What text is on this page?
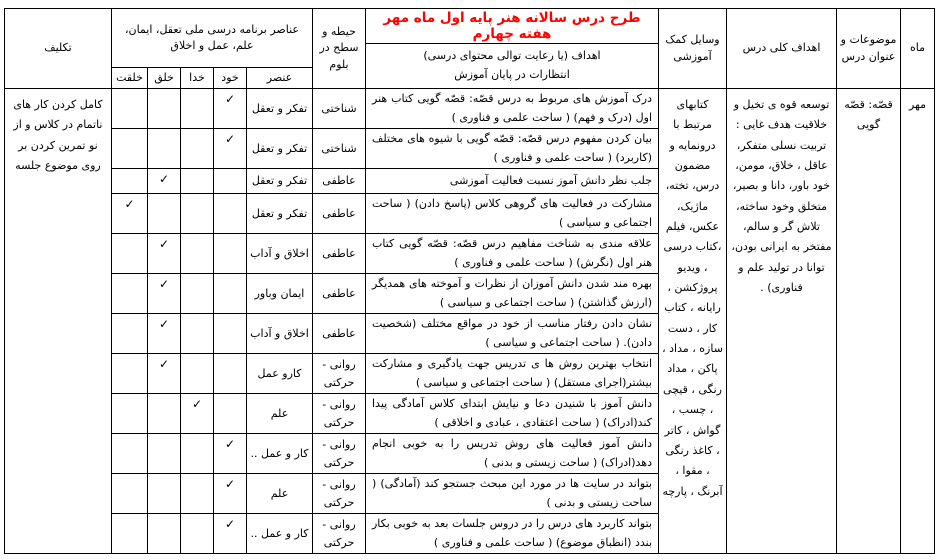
ماه	موضوعات و عنوان درس	اهداف کلی درس	وسایل کمک آموزشی	طرح درس سالانه هنر پایه اول ماه مهر هفته چهارم	حیطه و سطح در بلوم	عناصر برنامه درسی ملی تعقل، ایمان، علم، عمل و اخلاق					تکلیف

				اهداف (یا رعایت توالی محتوای درسی)
انتظارات در پایان آموزش							

						عنصر	خود	خدا	خلق	خلقت	
مهر	قصّه: قصّه گویی	توسعه قوه ی تخیل و خلاقیت هدف غایی : تربیت نسلی متفکر، عاقل ، خلاق، مومن، خود باور، دانا و بصیر، متخلق وخود ساخته، تلاش گر و سالم، مفتخر به ایرانی بودن، توانا در تولید علم و فناوری) .	کتابهای مرتبط با درونمایه و مضمون درس، تخته، ماژیک، عکس، فیلم ،کتاب درسی ، ویدیو پروژکشن ، رایانه ، کتاب کار ، دست سازه ، مداد ، پاکن ، مداد رنگی ، قیچی ، چسب ، گواش ، کاتر ، کاغذ رنگی ، مقوا ، آبرنگ ، پارچه	درک آموزش های مربوط به درس قصّه: قصّه گویی کتاب هنر اول (درک و فهم) ( ساحت علمی و فناوری )	شناختی	تفکر و تعقل	✓				کامل کردن کار های ناتمام در کلاس و از نو تمرین کردن بر روی موضوع جلسه
				بیان کردن مفهوم درس قصّه: قصّه گویی با شیوه های مختلف (کاربرد) ( ساحت علمی و فناوری )	شناختی	تفکر و تعقل	✓				
				جلب نظر دانش آموز نسبت فعالیت آموزشی	عاطفی	تفکر و تعقل			✓		
				مشارکت در فعالیت های گروهی کلاس (پاسخ دادن) ( ساحت اجتماعی و سیاسی )	عاطفی	تفکر و تعقل				✓	
				علاقه مندی به شناخت مفاهیم درس قصّه: قصّه گویی کتاب هنر اول (نگرش) ( ساحت علمی و فناوری )	عاطفی	اخلاق و آداب			✓		
				بهره مند شدن دانش آموزان از نظرات و آموخته های همدیگر (ارزش گذاشتن) ( ساحت اجتماعی و سیاسی )	عاطفی	ایمان وباور			✓		
				نشان دادن رفتار مناسب از خود در مواقع مختلف (شخصیت دادن). ( ساحت اجتماعی و سیاسی )	عاطفی	اخلاق و آداب			✓		
				انتخاب بهترین روش ها ی تدریس جهت یادگیری و مشارکت بیشتر(اجرای مستقل) ( ساحت اجتماعی و سیاسی )	روانی - حرکتی	کارو عمل			✓		
				دانش آموز با شنیدن دعا و نیایش ابتدای کلاس آمادگی پیدا کند(ادراک) ( ساحت اعتقادی ، عبادی و اخلاقی )	روانی - حرکتی	علم		✓			
				دانش آموز فعالیت های روش تدریس را به خوبی انجام دهد(ادراک) ( ساحت زیستی و بدنی )	روانی - حرکتی	کار و عمل ..	✓				
				بتواند در سایت ها در مورد این مبحث جستجو کند (آمادگی) ( ساحت زیستی و بدنی )	روانی - حرکتی	علم	✓				
				بتواند کاربرد های درس را در دروس جلسات بعد به خوبی بکار بندد (انطباق موضوع) ( ساحت علمی و فناوری )	روانی - حرکتی	کار و عمل ..	✓				
